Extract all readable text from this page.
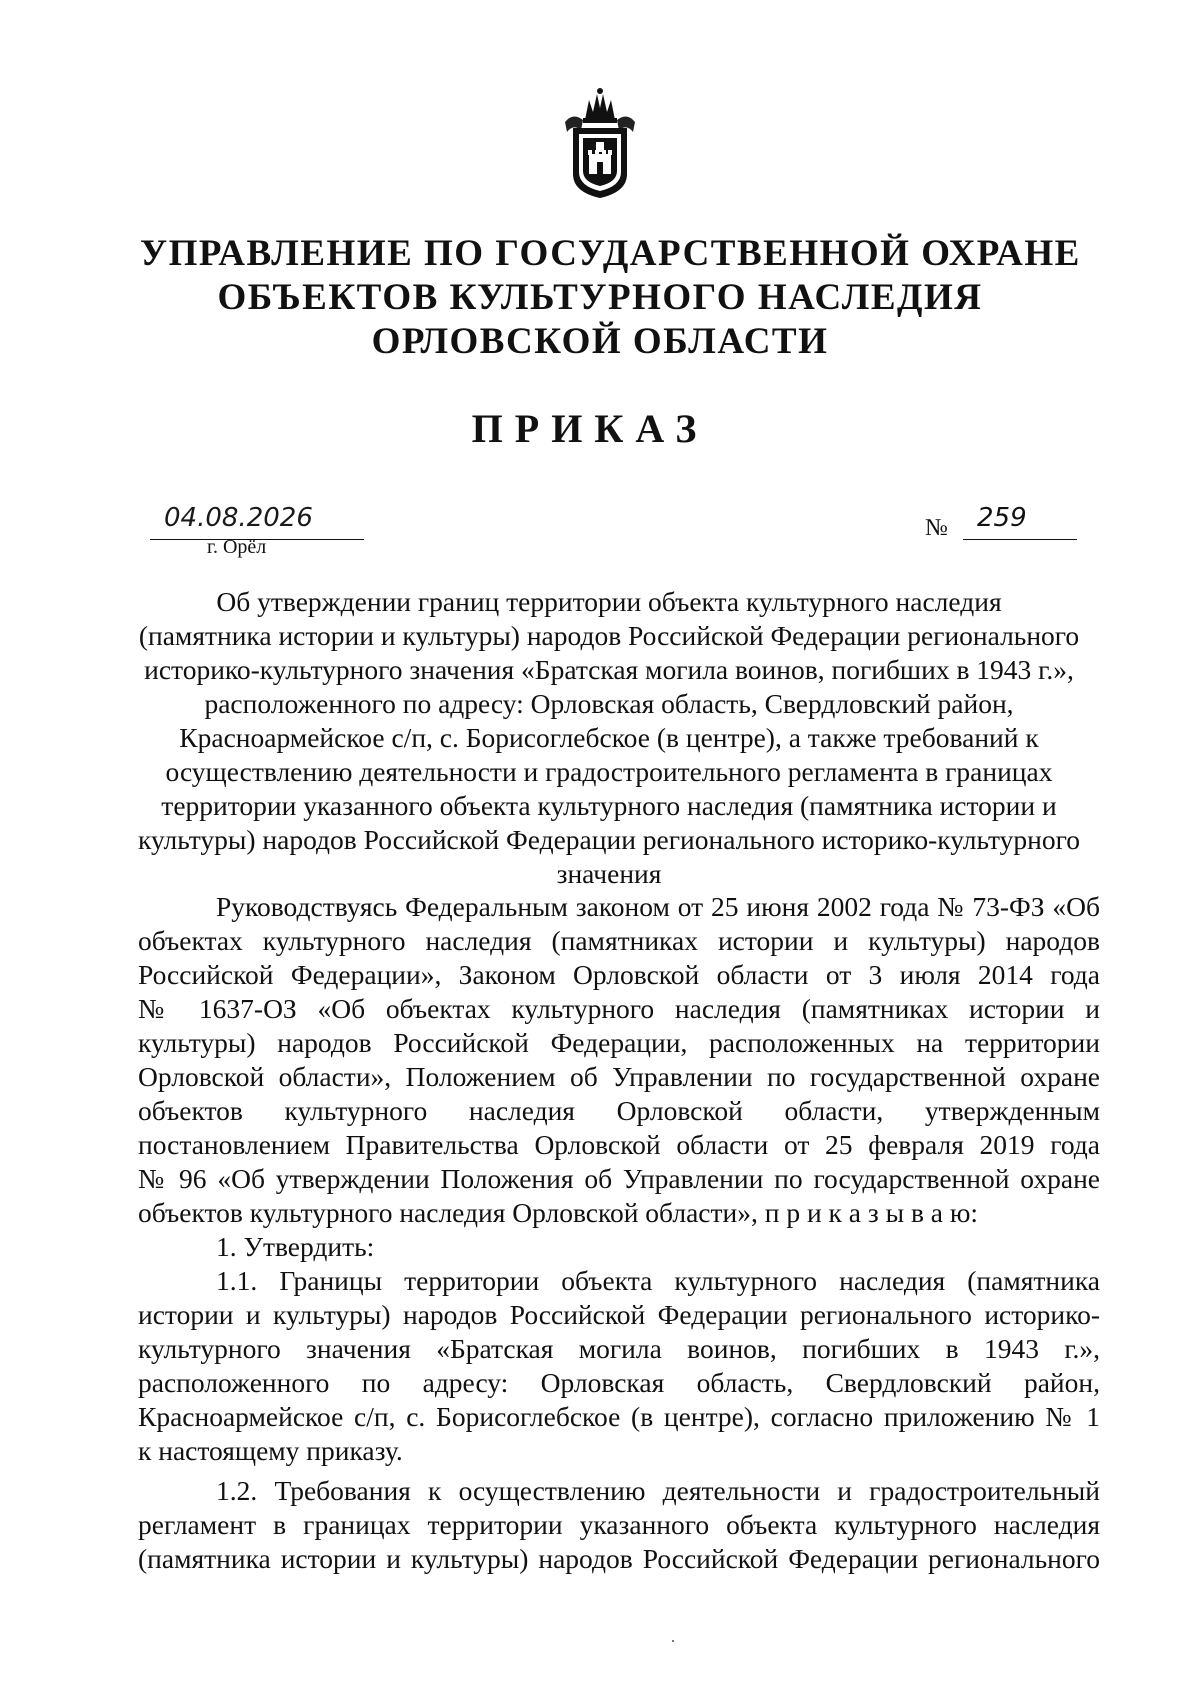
УПРАВЛЕНИЕ ПО ГОСУДАРСТВЕННОЙ ОХРАНЕ
ОБЪЕКТОВ КУЛЬТУРНОГО НАСЛЕДИЯ
ОРЛОВСКОЙ ОБЛАСТИ
ПРИКАЗ
04.08.2026
г. Орёл
№	259
Об утверждении границ территории объекта культурного наследия
(памятника истории и культуры) народов Российской Федерации регионального
историко-культурного значения «Братская могила воинов, погибших в 1943 г.»,
расположенного по адресу: Орловская область, Свердловский район,
Красноармейское с/п, с. Борисоглебское (в центре), а также требований к
осуществлению деятельности и градостроительного регламента в границах
территории указанного объекта культурного наследия (памятника истории и
культуры) народов Российской Федерации регионального историко-культурного
значения
Руководствуясь Федеральным законом от 25 июня 2002 года № 73-ФЗ «Об
объектах культурного наследия (памятниках истории и культуры) народов
Российской Федерации», Законом Орловской области от 3 июля 2014 года
№ 1637-ОЗ «Об объектах культурного наследия (памятниках истории и
культуры) народов Российской Федерации, расположенных на территории
Орловской области», Положением об Управлении по государственной охране
объектов культурного наследия Орловской области, утвержденным
постановлением Правительства Орловской области от 25 февраля 2019 года
№ 96 «Об утверждении Положения об Управлении по государственной охране
объектов культурного наследия Орловской области», п р и к а з ы в а ю:
1. Утвердить:
1.1. Границы территории объекта культурного наследия (памятника
истории и культуры) народов Российской Федерации регионального историко-
культурного значения «Братская могила воинов, погибших в 1943 г.»,
расположенного по адресу: Орловская область, Свердловский район,
Красноармейское с/п, с. Борисоглебское (в центре), согласно приложению № 1
к настоящему приказу.
1.2. Требования к осуществлению деятельности и градостроительный
регламент в границах территории указанного объекта культурного наследия
(памятника истории и культуры) народов Российской Федерации регионального
